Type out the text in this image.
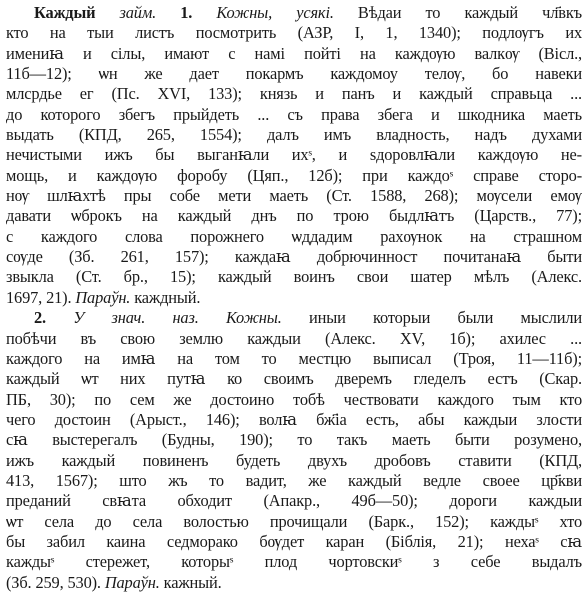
Каждый займ. 1. Кожны, усякі. Вѣдаи то каждый чл҃вкъ
кто на тыи листъ посмотрить (АЗР, I, 1, 1340); подлѹгъ их
имениꙗ и сілы, имают с намі пойті на каждѹю валкѹ (Віcл.,
11б—12); ѡн же дает покармъ каждомоу телѹ, бо навеки
млсрдье ег (Пс. XVI, 133); князь и панъ и каждый справьца ...
до которого збегъ прыйдеть ... съ права збега и шкодника маеть
выдать (КПД, 265, 1554); далъ имъ владность, надъ духами
нечистыми ижъ бы выганꙗли ихˢ, и ѕдоровлꙗли каждѹю не-
мощь, и каждѹю форобу (Цяп., 12б); при каждоˢ справе сторо-
нѹ шлꙗхтѣ пры собе мети маеть (Ст. 1588, 268); мѹсели емѹ
давати ѡброкъ на каждый днъ по трою быдлꙗтъ (Царств., 77);
с каждого слова порожнего ѡддадим рахѹнок на страшном
сѹде (Зб. 261, 157); каждаꙗ добрючинност почитанаꙗ быти
звыкла (Ст. бр., 15); каждый воинъ свои шатер мѣлъ (Алекс.
1697, 21). Параўн. каждный.
2. У знач. наз. Кожны. иныи которыи были мыслили
побѣчи въ свою землю каждыи (Алекс. XV, 1б); ахилес ...
каждого на имꙗ на том то местцю выписал (Троя, 11—11б);
каждый ѡт них путꙗ ко своимъ дверемъ гледелъ естъ (Скар.
ПБ, 30); по сем же достоино тобѣ чествовати каждого тым кто
чего достоин (Арыст., 146); волꙗ бж҃іа есть, абы каждыи злости
сꙗ выстерегалъ (Будны, 190); то такъ маеть быти розумено,
ижъ каждый повиненъ будеть двухъ дробовъ ставити (КПД,
413, 1567); што жъ то вадит, же каждый ведле своее цр҃кви
преданий свꙗта обходит (Апакр., 49б—50); дороги каждыи
ѡт села до села волостью прочищали (Барк., 152); каждыˢ хто
бы забил каина седморако бѹдет каран (Біблія, 21); нехаˢ сꙗ
каждыˢ стережет, которыˢ плод чортовскиˢ з себе выдалъ
(Зб. 259, 530). Параўн. кажный.
